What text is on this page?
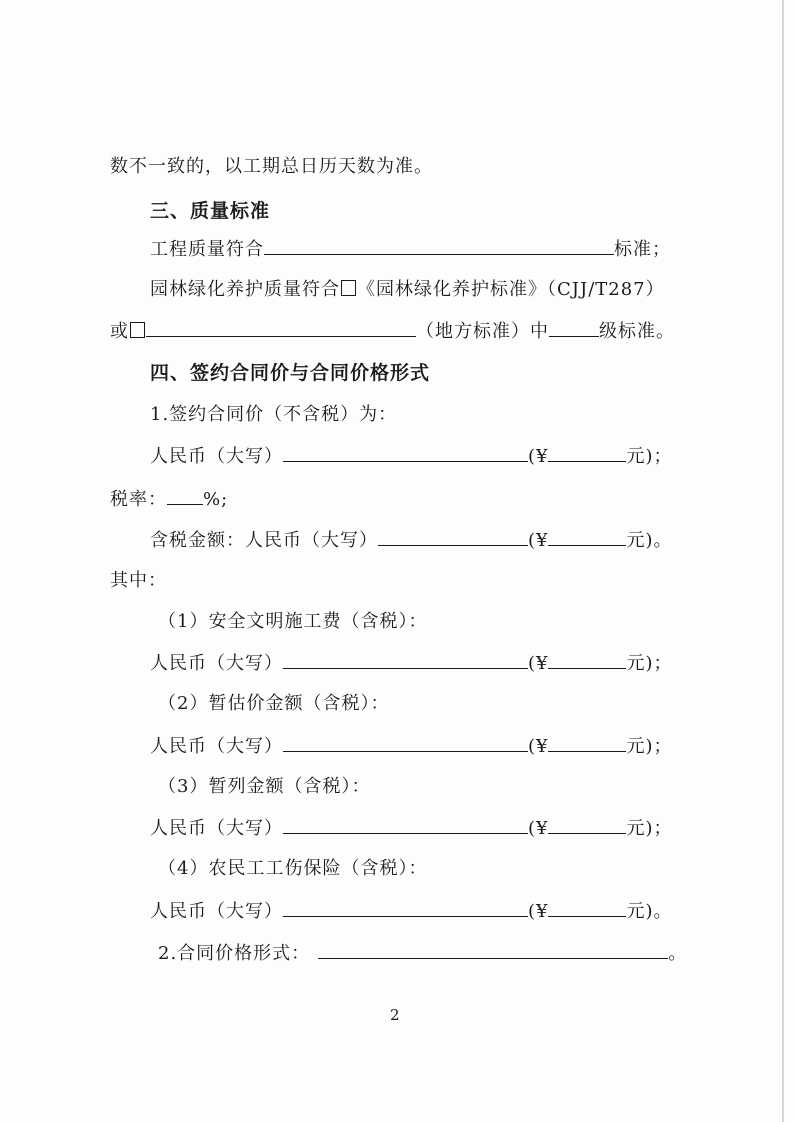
数不一致的，以工期总日历天数为准。
三、质量标准
工程质量符合	标准；
园林绿化养护质量符合 《园林绿化养护标准》（CJJ/T287）
或	（地方标准）中	级标准。
四、签约合同价与合同价格形式
1.签约合同价（不含税）为：
人民币（大写）	(¥	元)；
税率： %;
含税金额：人民币（大写）	(¥	元)。
其中：
（1）安全文明施工费（含税）：
人民币（大写）	(¥	元)；
（2）暂估价金额（含税）：
人民币（大写）	(¥	元)；
（3）暂列金额（含税）：
人民币（大写）	(¥	元)；
（4）农民工工伤保险（含税）：
人民币（大写）	(¥	元)。
2.合同价格形式：	。
2
